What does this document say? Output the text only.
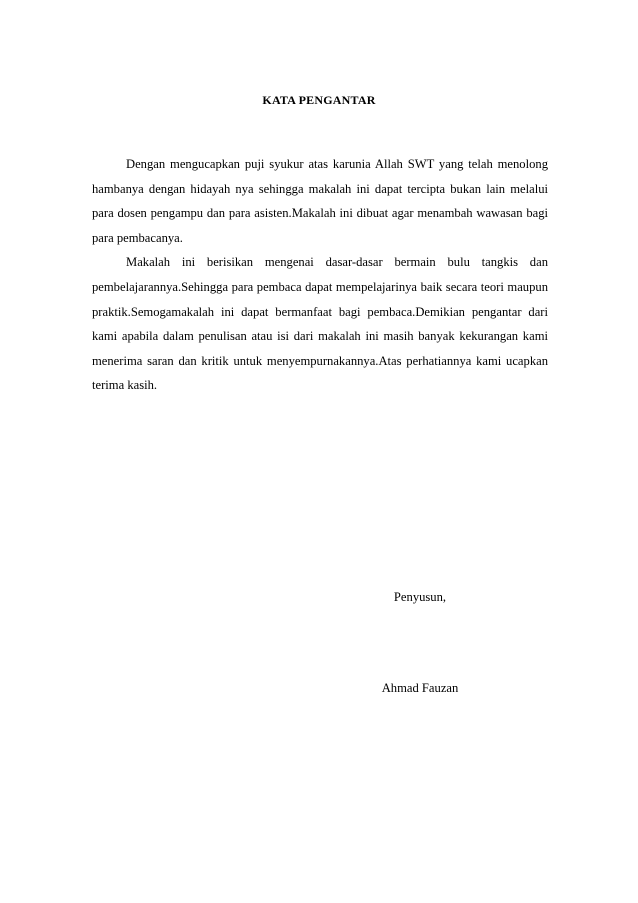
KATA PENGANTAR

Dengan mengucapkan puji syukur atas karunia Allah SWT yang telah menolong hambanya dengan hidayah nya sehingga makalah ini dapat tercipta bukan lain melalui para dosen pengampu dan para asisten.Makalah ini dibuat agar menambah wawasan bagi para pembacanya.

Makalah ini berisikan mengenai dasar-dasar bermain bulu tangkis dan pembelajarannya.Sehingga para pembaca dapat mempelajarinya baik secara teori maupun praktik.Semogamakalah ini dapat bermanfaat bagi pembaca.Demikian pengantar dari kami apabila dalam penulisan atau isi dari makalah ini masih banyak kekurangan kami menerima saran dan kritik untuk menyempurnakannya.Atas perhatiannya kami ucapkan terima kasih.

Penyusun,
Ahmad Fauzan
